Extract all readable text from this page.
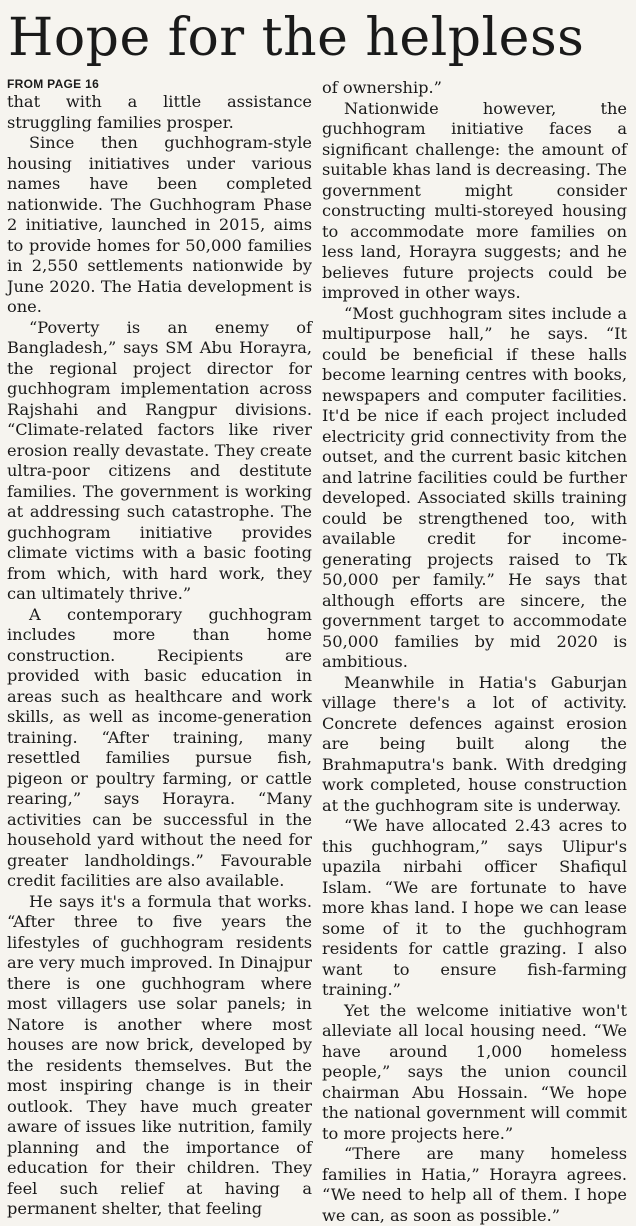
Hope for the helpless
FROM PAGE 16

that with a little assistance struggling families prosper.

Since then guchhogram-style housing initiatives under various names have been completed nationwide. The Guchhogram Phase 2 initiative, launched in 2015, aims to provide homes for 50,000 families in 2,550 settlements nationwide by June 2020. The Hatia development is one.

“Poverty is an enemy of Bangladesh,” says SM Abu Horayra, the regional project director for guchhogram implementation across Rajshahi and Rangpur divisions. “Climate-related factors like river erosion really devastate. They create ultra-poor citizens and destitute families. The government is working at addressing such catastrophe. The guchhogram initiative provides climate victims with a basic footing from which, with hard work, they can ultimately thrive.”

A contemporary guchhogram includes more than home construction. Recipients are provided with basic education in areas such as healthcare and work skills, as well as income-generation training. “After training, many resettled families pursue fish, pigeon or poultry farming, or cattle rearing,” says Horayra. “Many activities can be successful in the household yard without the need for greater landholdings.” Favourable credit facilities are also available.

He says it's a formula that works. “After three to five years the lifestyles of guchhogram residents are very much improved. In Dinajpur there is one guchhogram where most villagers use solar panels; in Natore is another where most houses are now brick, developed by the residents themselves. But the most inspiring change is in their outlook. They have much greater aware of issues like nutrition, family planning and the importance of education for their children. They feel such relief at having a permanent shelter, that feeling

of ownership.”

Nationwide however, the guchhogram initiative faces a significant challenge: the amount of suitable khas land is decreasing. The government might consider constructing multi-storeyed housing to accommodate more families on less land, Horayra suggests; and he believes future projects could be improved in other ways.

“Most guchhogram sites include a multipurpose hall,” he says. “It could be beneficial if these halls become learning centres with books, newspapers and computer facilities. It'd be nice if each project included electricity grid connectivity from the outset, and the current basic kitchen and latrine facilities could be further developed. Associated skills training could be strengthened too, with available credit for income-generating projects raised to Tk 50,000 per family.” He says that although efforts are sincere, the government target to accommodate 50,000 families by mid 2020 is ambitious.

Meanwhile in Hatia's Gaburjan village there's a lot of activity. Concrete defences against erosion are being built along the Brahmaputra's bank. With dredging work completed, house construction at the guchhogram site is underway.

“We have allocated 2.43 acres to this guchhogram,” says Ulipur's upazila nirbahi officer Shafiqul Islam. “We are fortunate to have more khas land. I hope we can lease some of it to the guchhogram residents for cattle grazing. I also want to ensure fish-farming training.”

Yet the welcome initiative won't alleviate all local housing need. “We have around 1,000 homeless people,” says the union council chairman Abu Hossain. “We hope the national government will commit to more projects here.”

“There are many homeless families in Hatia,” Horayra agrees. “We need to help all of them. I hope we can, as soon as possible.”
